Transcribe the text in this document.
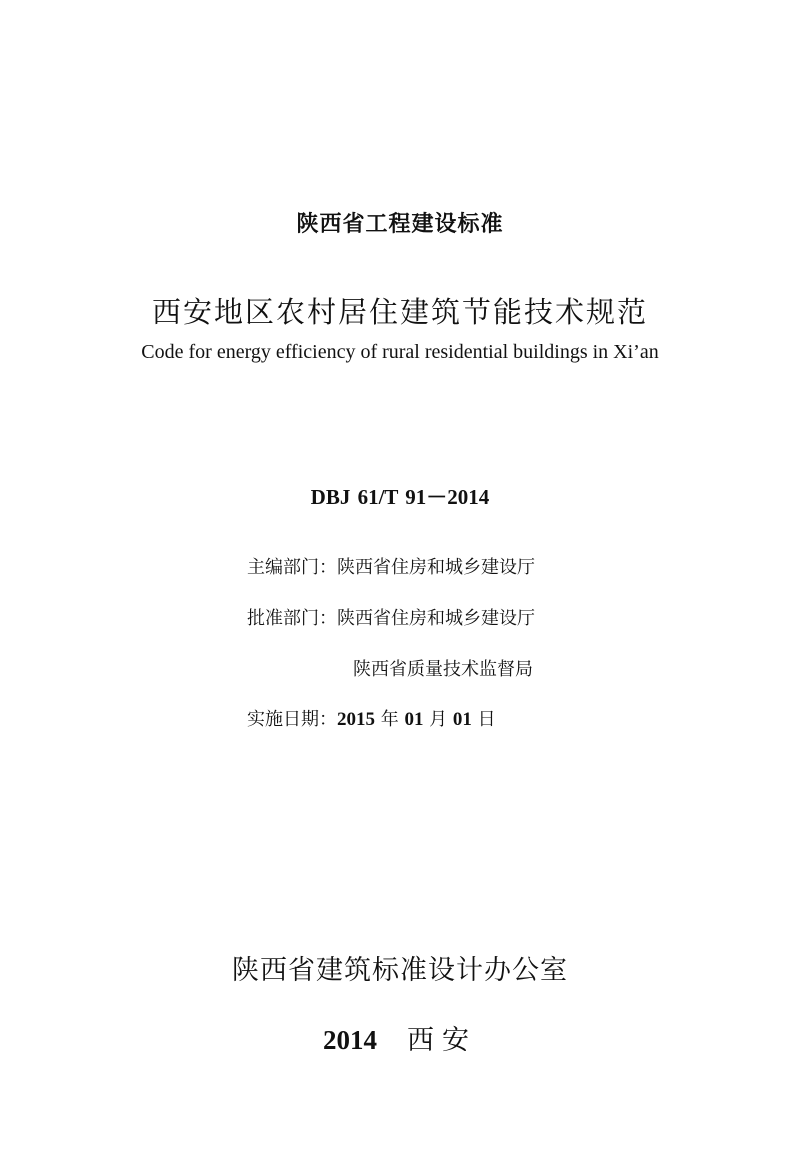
陕西省工程建设标准
西安地区农村居住建筑节能技术规范
Code for energy efficiency of rural residential buildings in Xi’an
DBJ 61/T 91－2014
主编部门：陕西省住房和城乡建设厅
批准部门：陕西省住房和城乡建设厅
陕西省质量技术监督局
实施日期：2015 年 01 月 01 日
陕西省建筑标准设计办公室
2014 西安
